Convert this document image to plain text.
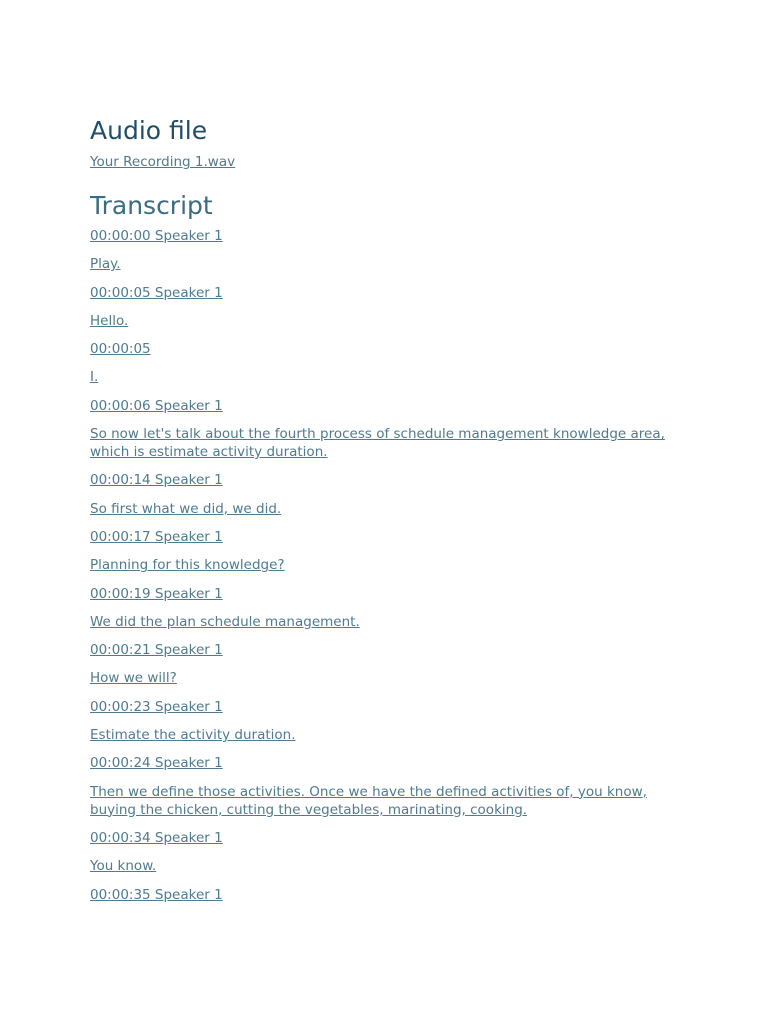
Audio file
Your Recording 1.wav
Transcript
00:00:00 Speaker 1
Play.
00:00:05 Speaker 1
Hello.
00:00:05
I.
00:00:06 Speaker 1
So now let's talk about the fourth process of schedule management knowledge area, which is estimate activity duration.
00:00:14 Speaker 1
So first what we did, we did.
00:00:17 Speaker 1
Planning for this knowledge?
00:00:19 Speaker 1
We did the plan schedule management.
00:00:21 Speaker 1
How we will?
00:00:23 Speaker 1
Estimate the activity duration.
00:00:24 Speaker 1
Then we define those activities. Once we have the defined activities of, you know, buying the chicken, cutting the vegetables, marinating, cooking.
00:00:34 Speaker 1
You know.
00:00:35 Speaker 1
